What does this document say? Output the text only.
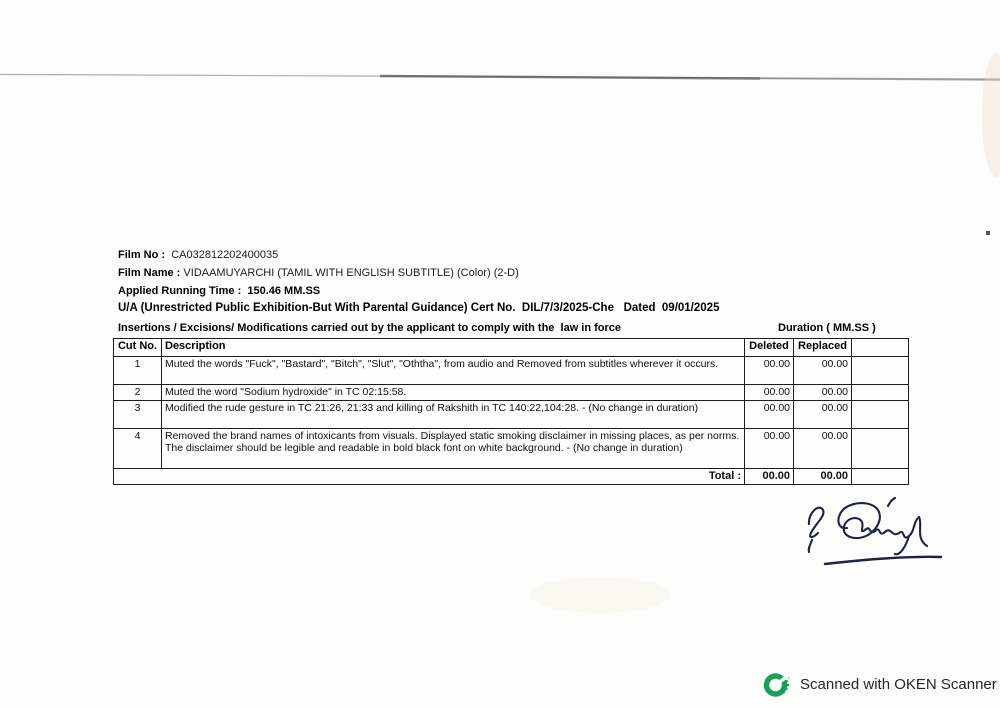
Film No : CA032812202400035
Film Name : VIDAAMUYARCHI (TAMIL WITH ENGLISH SUBTITLE) (Color) (2-D)
Applied Running Time : 150.46 MM.SS
U/A (Unrestricted Public Exhibition-But With Parental Guidance) Cert No. DIL/7/3/2025-Che Dated 09/01/2025
Insertions / Excisions/ Modifications carried out by the applicant to comply with the  law in force	Duration ( MM.SS )
Cut No.	Description	Deleted	Replaced	
1	Muted the words "Fuck", "Bastard", "Bitch", "Slut", "Oththa", from audio and Removed from subtitles wherever it occurs.	00.00	00.00	
2	Muted the word "Sodium hydroxide" in TC 02:15:58.	00.00	00.00	
3	Modified the rude gesture in TC 21:26, 21:33 and killing of Rakshith in TC 140:22,104:28. - (No change in duration)	00.00	00.00	
4	Removed the brand names of intoxicants from visuals. Displayed static smoking disclaimer in missing places, as per norms. The disclaimer should be legible and readable in bold black font on white background. - (No change in duration)	00.00	00.00	
Total :		00.00	00.00	
Scanned with OKEN Scanner
